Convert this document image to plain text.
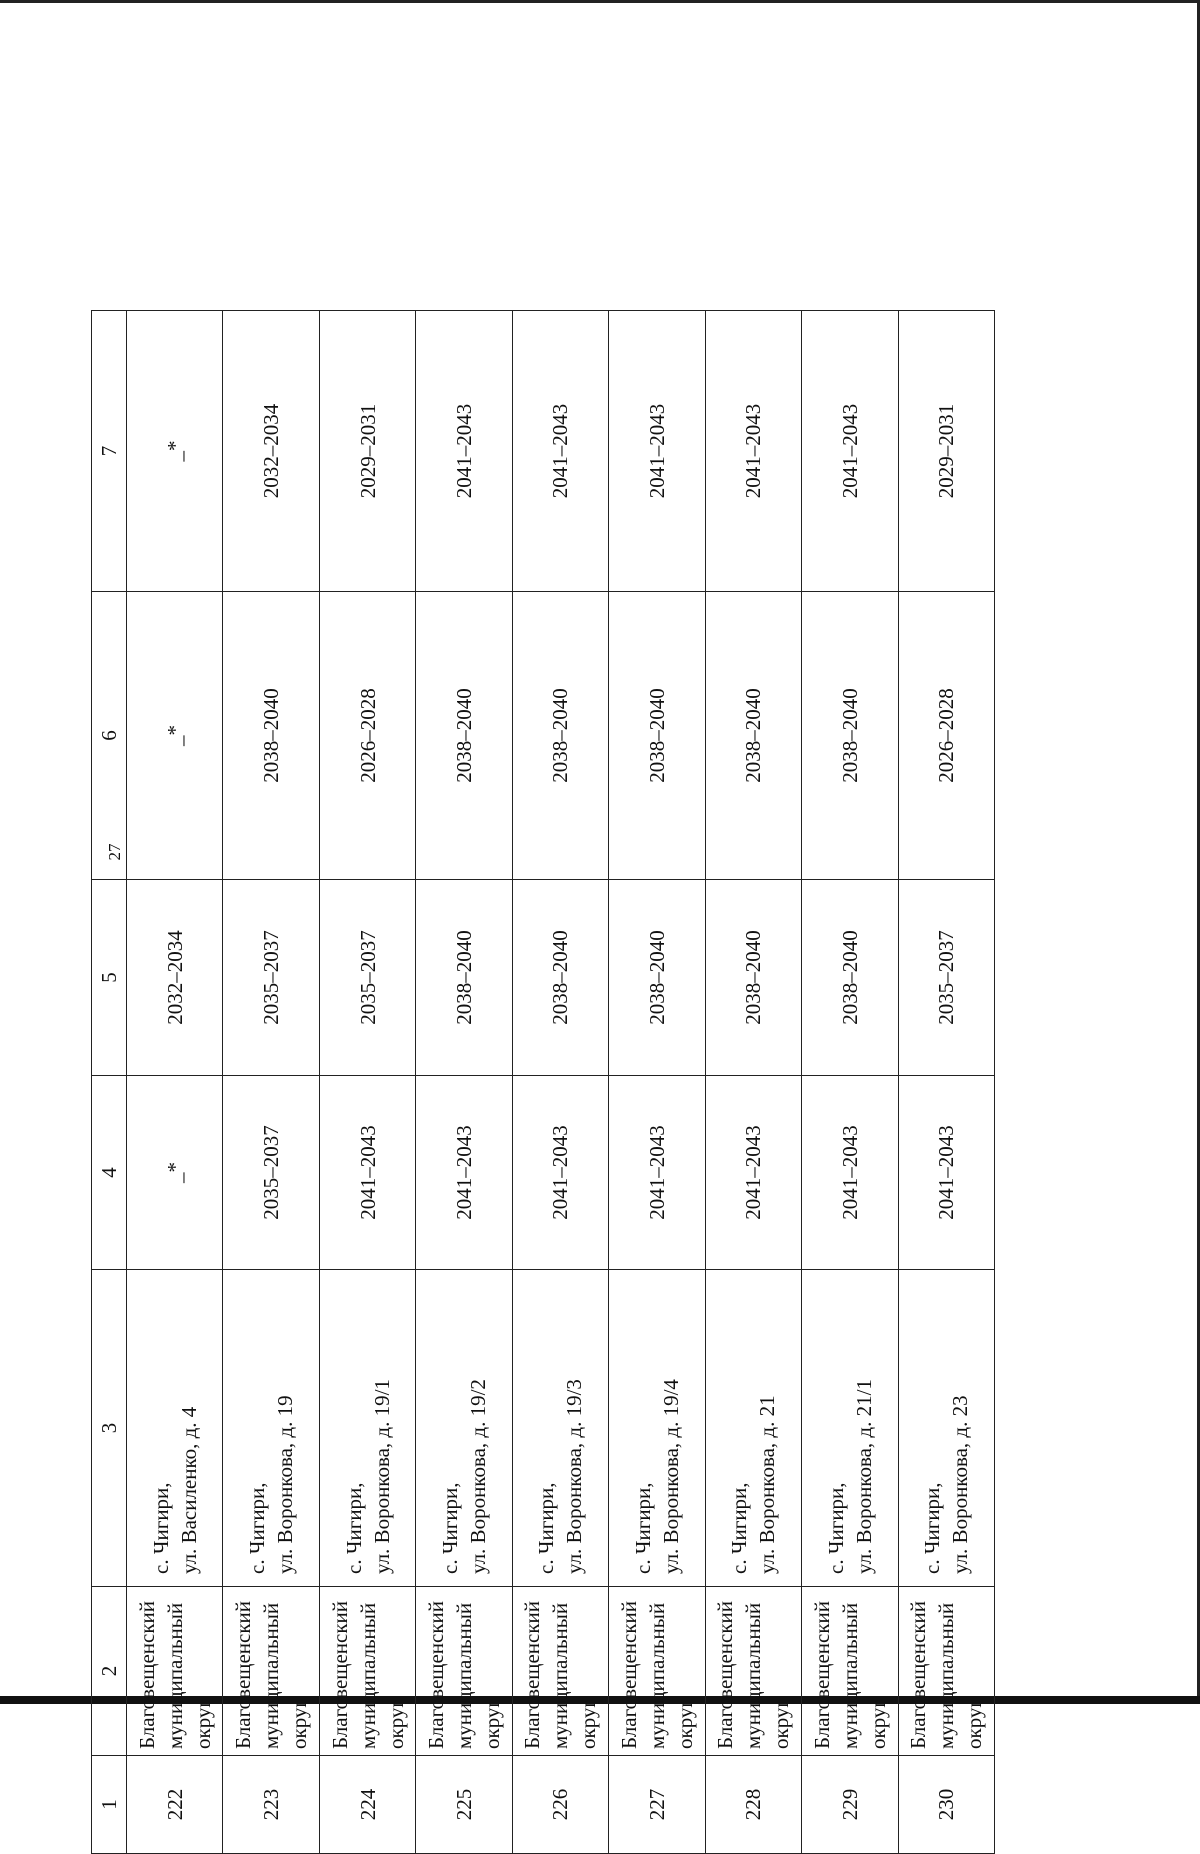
27
1	2	3	4	5	6	7
222	Благовещенский муниципальный округ	с. Чигири, ул. Василенко, д. 4	_*	2032–2034	_*	_*
223	Благовещенский муниципальный округ	с. Чигири, ул. Воронкова, д. 19	2035–2037	2035–2037	2038–2040	2032–2034
224	Благовещенский муниципальный округ	с. Чигири, ул. Воронкова, д. 19/1	2041–2043	2035–2037	2026–2028	2029–2031
225	Благовещенский муниципальный округ	с. Чигири, ул. Воронкова, д. 19/2	2041–2043	2038–2040	2038–2040	2041–2043
226	Благовещенский муниципальный округ	с. Чигири, ул. Воронкова, д. 19/3	2041–2043	2038–2040	2038–2040	2041–2043
227	Благовещенский муниципальный округ	с. Чигири, ул. Воронкова, д. 19/4	2041–2043	2038–2040	2038–2040	2041–2043
228	Благовещенский муниципальный округ	с. Чигири, ул. Воронкова, д. 21	2041–2043	2038–2040	2038–2040	2041–2043
229	Благовещенский муниципальный округ	с. Чигири, ул. Воронкова, д. 21/1	2041–2043	2038–2040	2038–2040	2041–2043
230	Благовещенский муниципальный округ	с. Чигири, ул. Воронкова, д. 23	2041–2043	2035–2037	2026–2028	2029–2031
